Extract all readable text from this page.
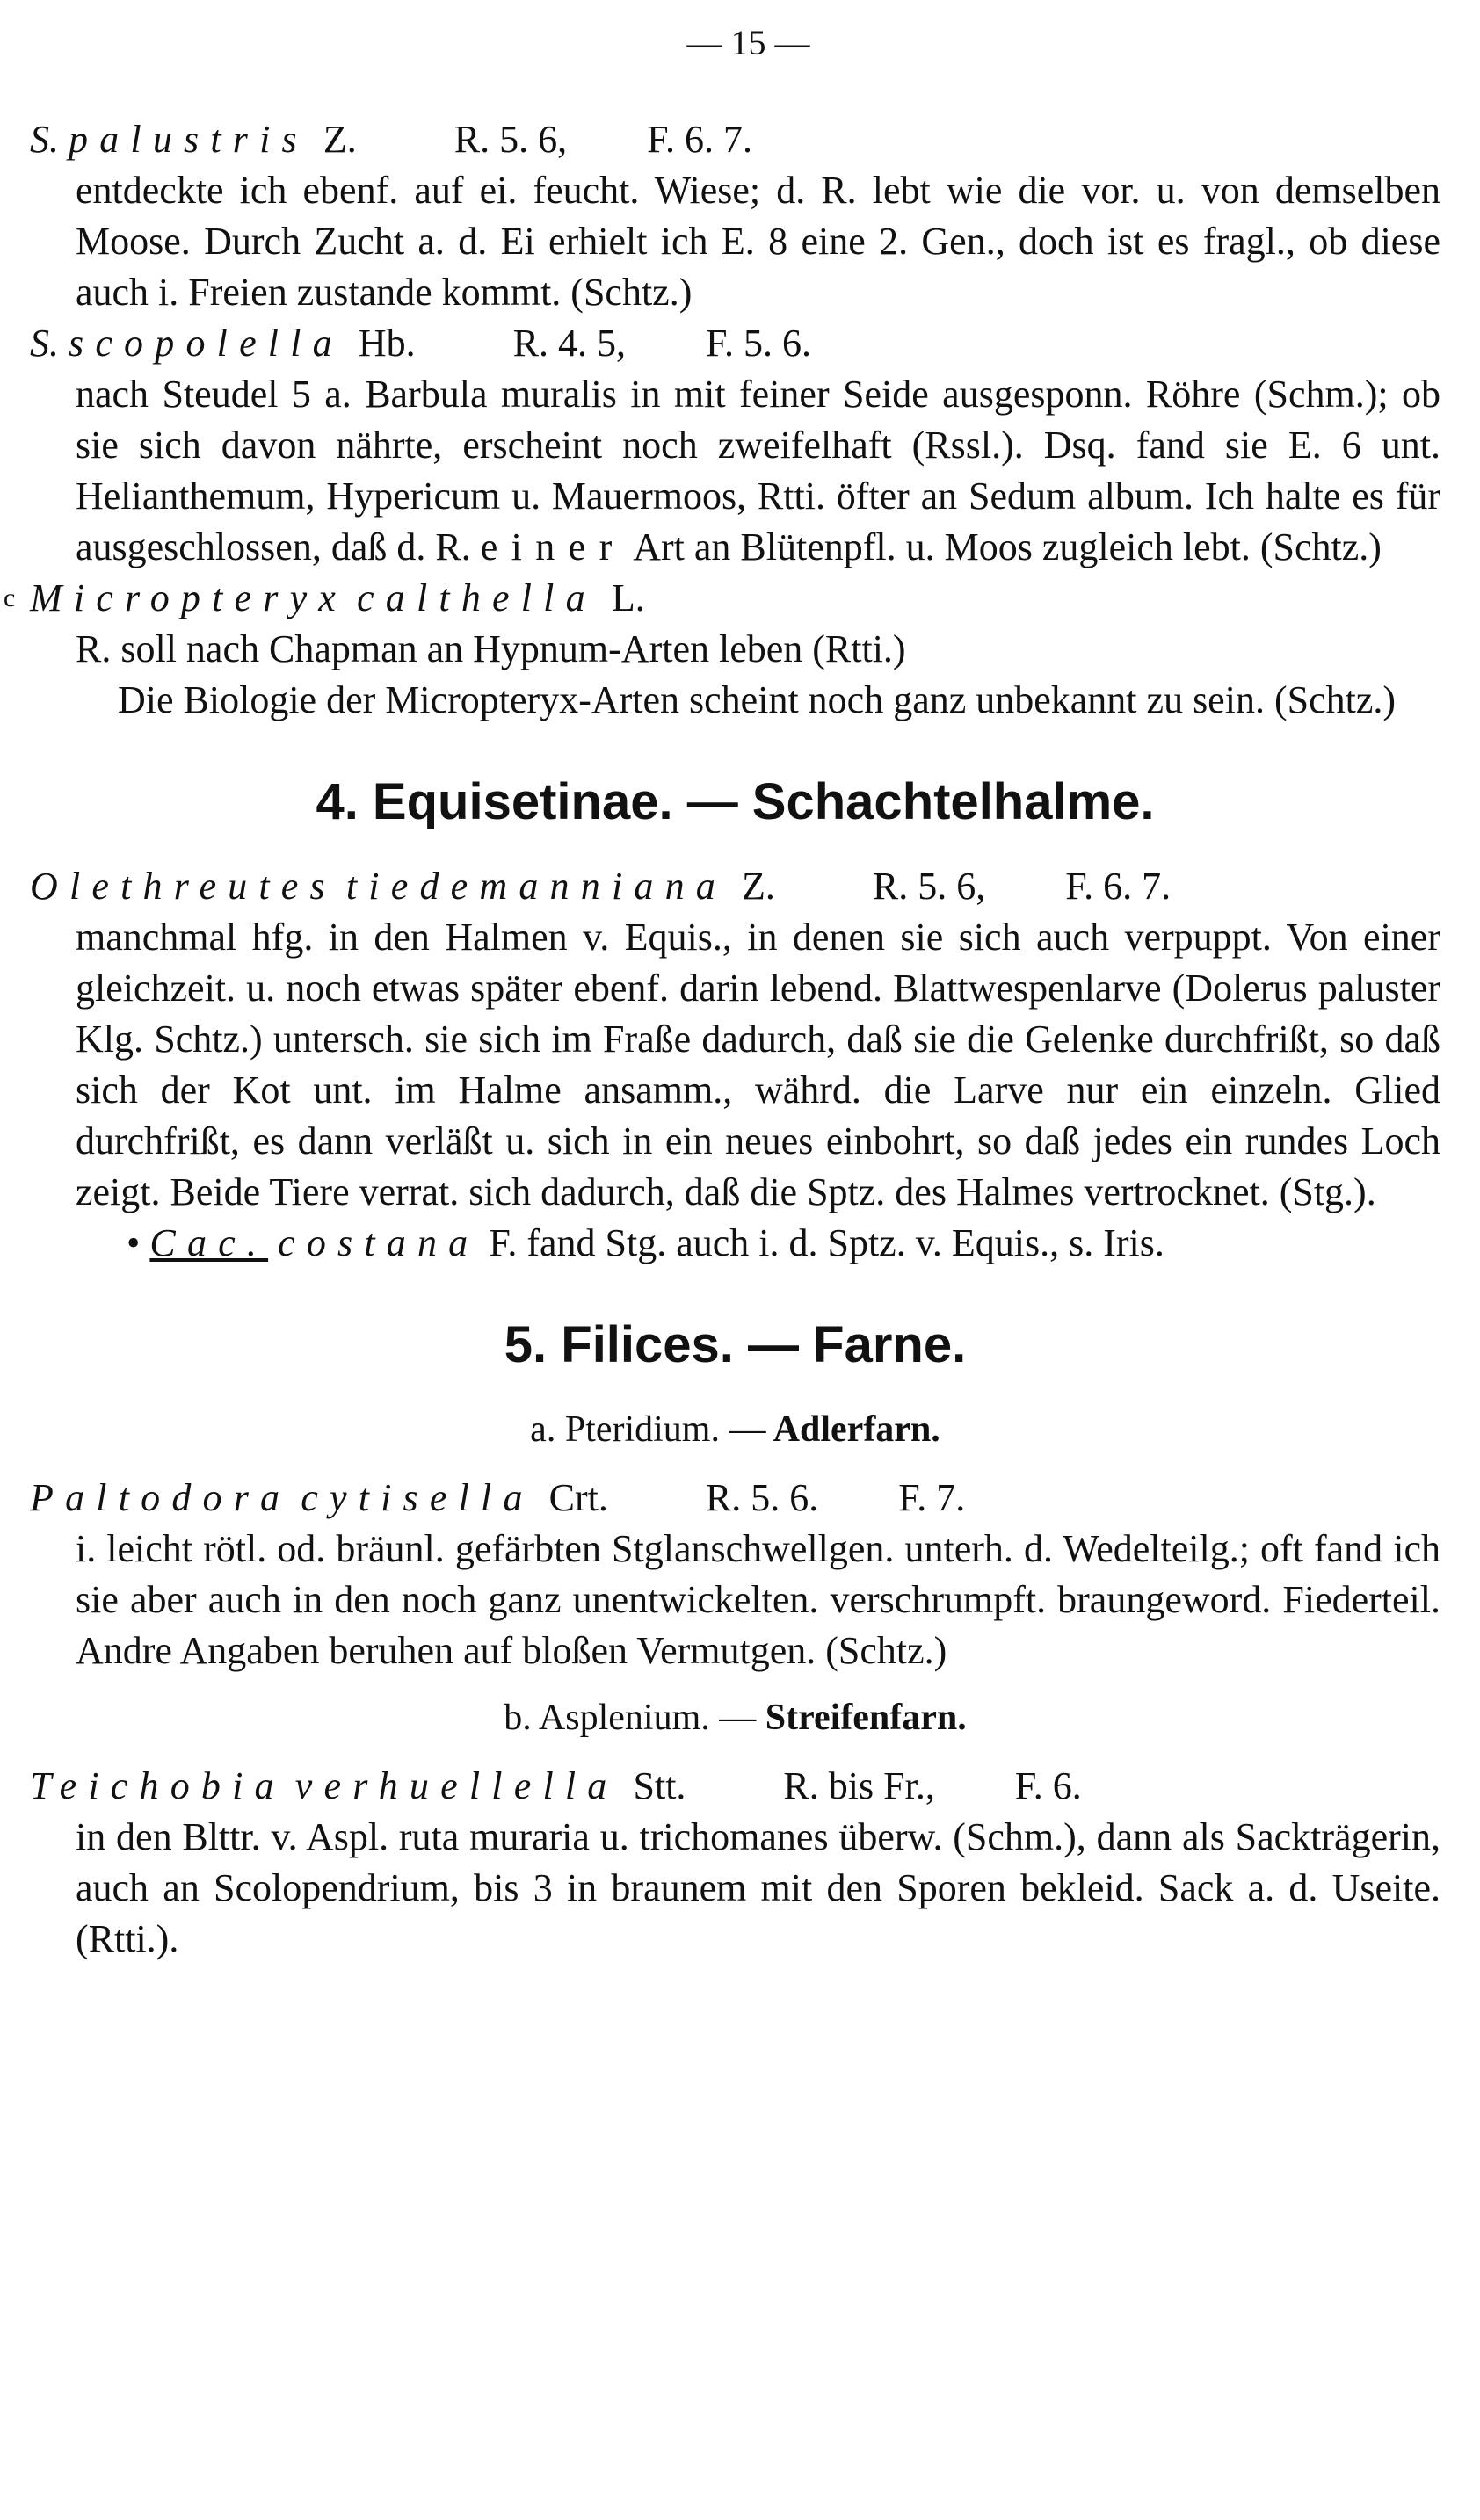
— 15 —
S. palustris Z.	R. 5. 6, F. 6. 7.
entdeckte ich ebenf. auf ei. feucht. Wiese; d. R. lebt wie die vor. u. von demselben Moose. Durch Zucht a. d. Ei erhielt ich E. 8 eine 2. Gen., doch ist es fragl., ob diese auch i. Freien zustande kommt. (Schtz.)
S. scopolella Hb.	R. 4. 5, F. 5. 6.
nach Steudel 5 a. Barbula muralis in mit feiner Seide ausgesponn. Röhre (Schm.); ob sie sich davon nährte, erscheint noch zweifelhaft (Rssl.). Dsq. fand sie E. 6 unt. Helianthemum, Hypericum u. Mauermoos, Rtti. öfter an Sedum album. Ich halte es für ausgeschlossen, daß d. R. einer Art an Blütenpfl. u. Moos zugleich lebt. (Schtz.)
c Micropteryx calthella L.
R. soll nach Chapman an Hypnum-Arten leben (Rtti.)
Die Biologie der Micropteryx-Arten scheint noch ganz unbekannt zu sein. (Schtz.)
4. Equisetinae. — Schachtelhalme.
Olethreutes tiedemanniana Z.	R. 5. 6, F. 6. 7.
manchmal hfg. in den Halmen v. Equis., in denen sie sich auch verpuppt. Von einer gleichzeit. u. noch etwas später ebenf. darin lebend. Blattwespenlarve (Dolerus paluster Klg. Schtz.) untersch. sie sich im Fraße dadurch, daß sie die Gelenke durchfrißt, so daß sich der Kot unt. im Halme ansamm., währd. die Larve nur ein einzeln. Glied durchfrißt, es dann verläßt u. sich in ein neues einbohrt, so daß jedes ein rundes Loch zeigt. Beide Tiere verrat. sich dadurch, daß die Sptz. des Halmes vertrocknet. (Stg.).
• Cac. costana F. fand Stg. auch i. d. Sptz. v. Equis., s. Iris.
5. Filices. — Farne.
a. Pteridium. — Adlerfarn.
Paltodora cytisella Crt.	R. 5. 6. F. 7.
i. leicht rötl. od. bräunl. gefärbten Stglanschwellgen. unterh. d. Wedelteilg.; oft fand ich sie aber auch in den noch ganz unentwickelten. verschrumpft. braungeword. Fiederteil. Andre Angaben beruhen auf bloßen Vermutgen. (Schtz.)
b. Asplenium. — Streifenfarn.
Teichobia verhuellella Stt.	R. bis Fr., F. 6.
in den Blttr. v. Aspl. ruta muraria u. trichomanes überw. (Schm.), dann als Sackträgerin, auch an Scolopendrium, bis 3 in braunem mit den Sporen bekleid. Sack a. d. Useite. (Rtti.).
